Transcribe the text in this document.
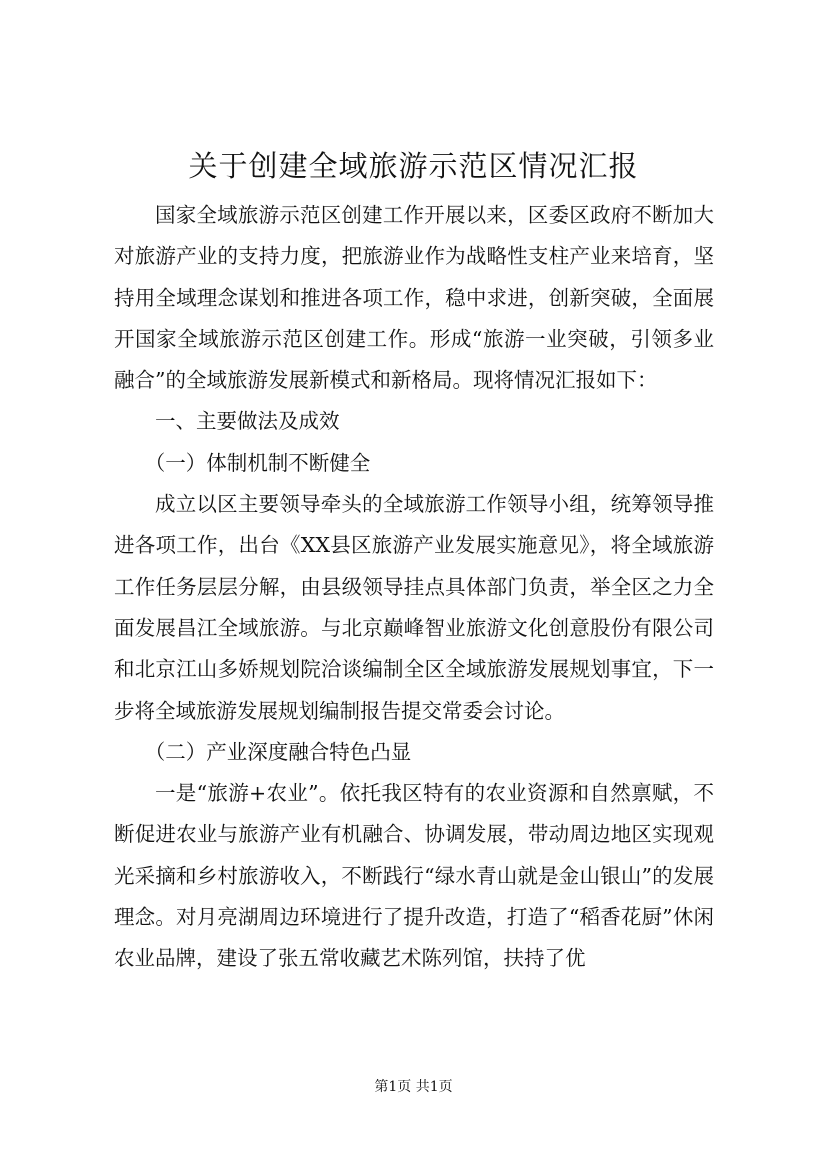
关于创建全域旅游示范区情况汇报

国家全域旅游示范区创建工作开展以来，区委区政府不断加大对旅游产业的支持力度，把旅游业作为战略性支柱产业来培育，坚持用全域理念谋划和推进各项工作，稳中求进，创新突破，全面展开国家全域旅游示范区创建工作。形成“旅游一业突破，引领多业融合”的全域旅游发展新模式和新格局。现将情况汇报如下：

一、主要做法及成效

（一）体制机制不断健全

成立以区主要领导牵头的全域旅游工作领导小组，统筹领导推进各项工作，出台《XX县区旅游产业发展实施意见》，将全域旅游工作任务层层分解，由县级领导挂点具体部门负责，举全区之力全面发展昌江全域旅游。与北京巅峰智业旅游文化创意股份有限公司和北京江山多娇规划院洽谈编制全区全域旅游发展规划事宜，下一步将全域旅游发展规划编制报告提交常委会讨论。

（二）产业深度融合特色凸显

一是“旅游+农业”。依托我区特有的农业资源和自然禀赋，不断促进农业与旅游产业有机融合、协调发展，带动周边地区实现观光采摘和乡村旅游收入，不断践行“绿水青山就是金山银山”的发展理念。对月亮湖周边环境进行了提升改造，打造了“稻香花厨”休闲农业品牌，建设了张五常收藏艺术陈列馆，扶持了优

第1页 共1页
